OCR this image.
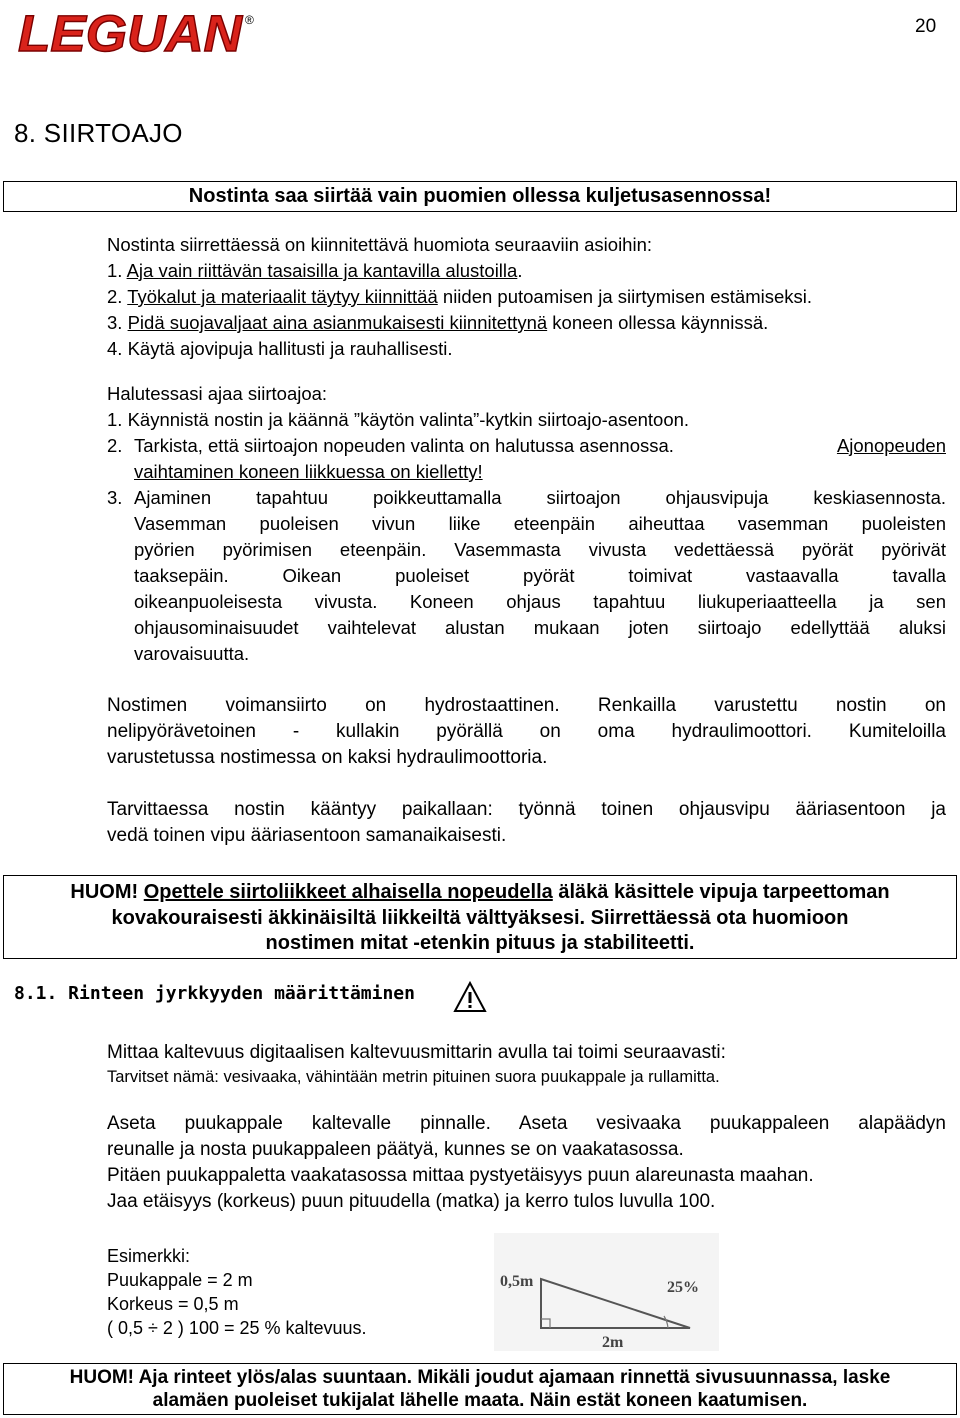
LEGUAN ®	20
8. SIIRTOAJO
Nostinta saa siirtää vain puomien ollessa kuljetusasennossa!
Nostinta siirrettäessä on kiinnitettävä huomiota seuraaviin asioihin:
1. Aja vain riittävän tasaisilla ja kantavilla alustoilla.
2. Työkalut ja materiaalit täytyy kiinnittää niiden putoamisen ja siirtymisen estämiseksi.
3. Pidä suojavaljaat aina asianmukaisesti kiinnitettynä koneen ollessa käynnissä.
4. Käytä ajovipuja hallitusti ja rauhallisesti.
Halutessasi ajaa siirtoajoa:
1. Käynnistä nostin ja käännä ”käytön valinta”-kytkin siirtoajo-asentoon.
2. Tarkista, että siirtoajon nopeuden valinta on halutussa asennossa.	Ajonopeuden
vaihtaminen koneen liikkuessa on kielletty!
3. Ajaminen tapahtuu poikkeuttamalla siirtoajon ohjausvipuja keskiasennosta.
Vasemman puoleisen vivun liike eteenpäin aiheuttaa vasemman puoleisten
pyörien pyörimisen eteenpäin. Vasemmasta vivusta vedettäessä pyörät pyörivät
taaksepäin. Oikean puoleiset pyörät toimivat vastaavalla tavalla
oikeanpuoleisesta vivusta. Koneen ohjaus tapahtuu liukuperiaatteella ja sen
ohjausominaisuudet vaihtelevat alustan mukaan joten siirtoajo edellyttää aluksi
varovaisuutta.
Nostimen voimansiirto on hydrostaattinen. Renkailla varustettu nostin on
nelipyörävetoinen - kullakin pyörällä on oma hydraulimoottori. Kumiteloilla
varustetussa nostimessa on kaksi hydraulimoottoria.
Tarvittaessa nostin kääntyy paikallaan: työnnä toinen ohjausvipu ääriasentoon ja
vedä toinen vipu ääriasentoon samanaikaisesti.
HUOM! Opettele siirtoliikkeet alhaisella nopeudella äläkä käsittele vipuja tarpeettoman
kovakouraisesti äkkinäisiltä liikkeiltä välttyäksesi. Siirrettäessä ota huomioon
nostimen mitat -etenkin pituus ja stabiliteetti.
8.1. Rinteen jyrkkyyden määrittäminen
Mittaa kaltevuus digitaalisen kaltevuusmittarin avulla tai toimi seuraavasti:
Tarvitset nämä: vesivaaka, vähintään metrin pituinen suora puukappale ja rullamitta.
Aseta puukappale kaltevalle pinnalle. Aseta vesivaaka puukappaleen alapäädyn
reunalle ja nosta puukappaleen päätyä, kunnes se on vaakatasossa.
Pitäen puukappaletta vaakatasossa mittaa pystyetäisyys puun alareunasta maahan.
Jaa etäisyys (korkeus) puun pituudella (matka) ja kerro tulos luvulla 100.
Esimerkki:
Puukappale = 2 m
Korkeus = 0,5 m
( 0,5 ÷ 2 ) 100 = 25 % kaltevuus.
0,5m	25%
2m
HUOM! Aja rinteet ylös/alas suuntaan. Mikäli joudut ajamaan rinnettä sivusuunnassa, laske
alamäen puoleiset tukijalat lähelle maata. Näin estät koneen kaatumisen.
